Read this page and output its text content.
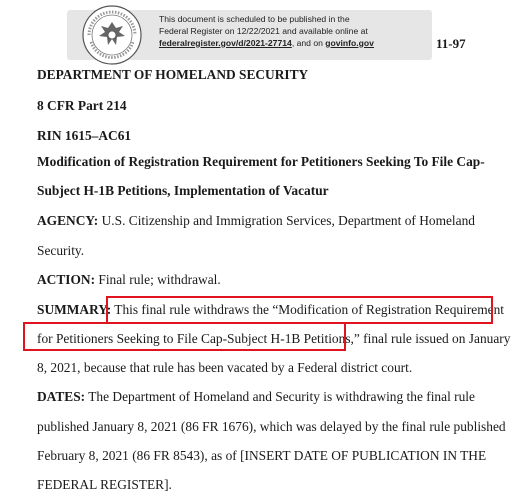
This document is scheduled to be published in the
Federal Register on 12/22/2021 and available online at
federalregister.gov/d/2021-27714, and on govinfo.gov	11-97
DEPARTMENT OF HOMELAND SECURITY
8 CFR Part 214
RIN 1615–AC61
Modification of Registration Requirement for Petitioners Seeking To File Cap-
Subject H-1B Petitions, Implementation of Vacatur
AGENCY: U.S. Citizenship and Immigration Services, Department of Homeland
Security.
ACTION: Final rule; withdrawal.
SUMMARY: This final rule withdraws the “Modification of Registration Requirement
for Petitioners Seeking to File Cap-Subject H-1B Petitions,” final rule issued on January
8, 2021, because that rule has been vacated by a Federal district court.
DATES: The Department of Homeland and Security is withdrawing the final rule
published January 8, 2021 (86 FR 1676), which was delayed by the final rule published
February 8, 2021 (86 FR 8543), as of [INSERT DATE OF PUBLICATION IN THE
FEDERAL REGISTER].
